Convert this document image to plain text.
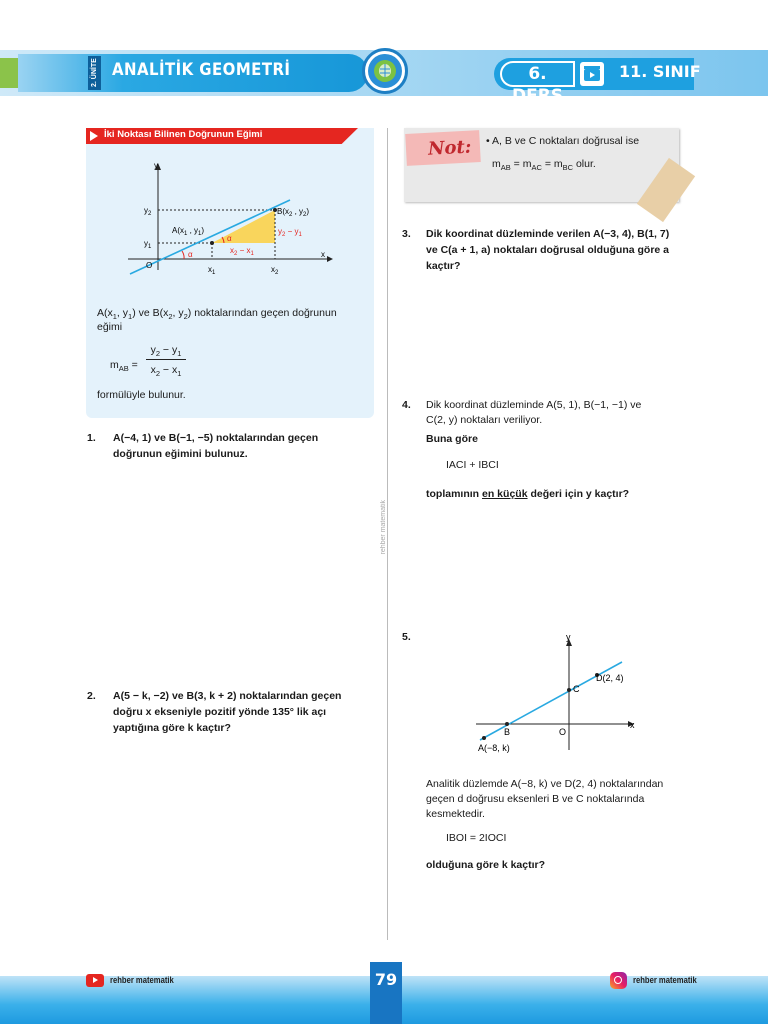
2. ÜNİTE ANALİTİK GEOMETRİ	6. DERS
11. SINIF
rehber matematik
İki Noktası Bilinen Doğrunun Eğimi
α
α
y
x
O
$y_2$
$y_1$
$x_1$	$x_2$
$A(x_1$ , $y_1$)
$B(x_2$ , $y_2$)
$y_2 - y_1$
$x_2 - x_1$
$A(x_1$, $y_1$) ve $B(x_2$, $y_2$) noktalarından geçen doğrunun
eğimi
$m_{AB}$ =
$y_2 - y_1$
$x_2 - x_1$
formülüyle bulunur.
1. A(−4, 1) ve B(−1, −5) noktalarından geçen
doğrunun eğimini bulunuz.
2. A(5 − k, −2) ve B(3, k + 2) noktalarından geçen
doğru x ekseniyle pozitif yönde 135° lik açı
yaptığına göre k kaçtır?
Not: • A, B ve C noktaları doğrusal ise
$m_{AB} = m_{AC} = m_{BC}$ olur.
3. Dik koordinat düzleminde verilen A(−3, 4), B(1, 7)
ve C(a + 1, a) noktaları doğrusal olduğuna göre a
kaçtır?
4. Dik koordinat düzleminde A(5, 1), B(−1, −1) ve
C(2, y) noktaları veriliyor.
Buna göre
IACI + IBCI
toplamının en küçük değeri için y kaçtır?
5.	y
x
O
B
C
A(−8, k)
D(2, 4)
Analitik düzlemde A(−8, k) ve D(2, 4) noktalarından
geçen d doğrusu eksenleri B ve C noktalarında
kesmektedir.
IBOI = 2IOCI
olduğuna göre k kaçtır?
rehber matematik	79	rehber matematik
